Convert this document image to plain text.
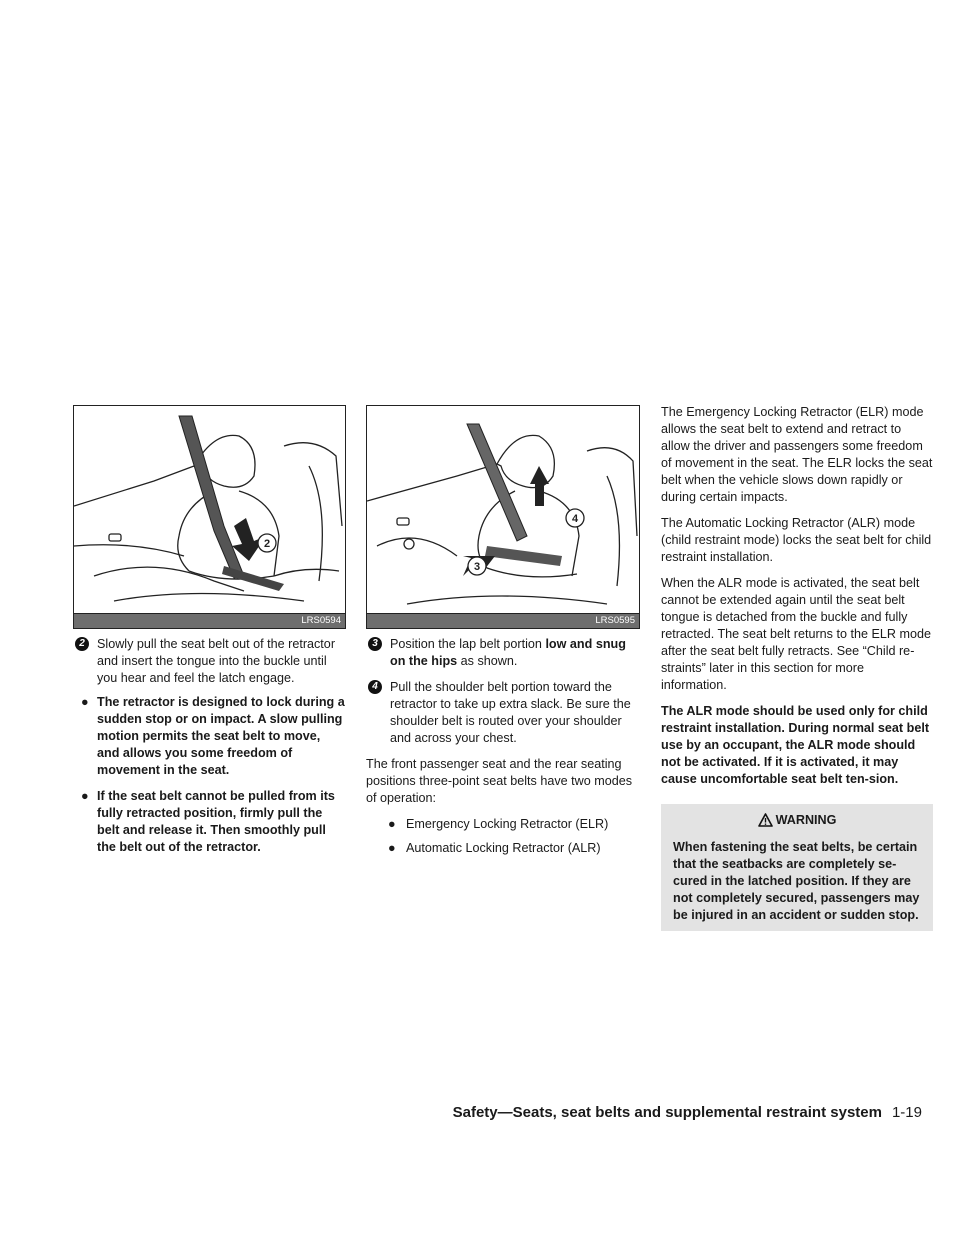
2
LRS0594
2 Slowly pull the seat belt out of the retractor and insert the tongue into the buckle until you hear and feel the latch engage.
● The retractor is designed to lock during a sudden stop or on impact. A slow pulling motion permits the seat belt to move, and allows you some freedom of movement in the seat.
● If the seat belt cannot be pulled from its fully retracted position, firmly pull the belt and release it. Then smoothly pull the belt out of the retractor.
4
3
LRS0595
3 Position the lap belt portion low and snug on the hips as shown.
4 Pull the shoulder belt portion toward the retractor to take up extra slack. Be sure the shoulder belt is routed over your shoulder and across your chest.

The front passenger seat and the rear seating positions three-point seat belts have two modes of operation:

● Emergency Locking Retractor (ELR)
● Automatic Locking Retractor (ALR)

The Emergency Locking Retractor (ELR) mode allows the seat belt to extend and retract to allow the driver and passengers some freedom of movement in the seat. The ELR locks the seat belt when the vehicle slows down rapidly or during certain impacts.

The Automatic Locking Retractor (ALR) mode (child restraint mode) locks the seat belt for child restraint installation.

When the ALR mode is activated, the seat belt cannot be extended again until the seat belt tongue is detached from the buckle and fully retracted. The seat belt returns to the ELR mode after the seat belt fully retracts. See “Child re-straints” later in this section for more information.

The ALR mode should be used only for child restraint installation. During normal seat belt use by an occupant, the ALR mode should not be activated. If it is activated, it may cause uncomfortable seat belt ten-sion.

WARNING
When fastening the seat belts, be certain that the seatbacks are completely se-cured in the latched position. If they are not completely secured, passengers may be injured in an accident or sudden stop.
Safety—Seats, seat belts and supplemental restraint system 1-19
